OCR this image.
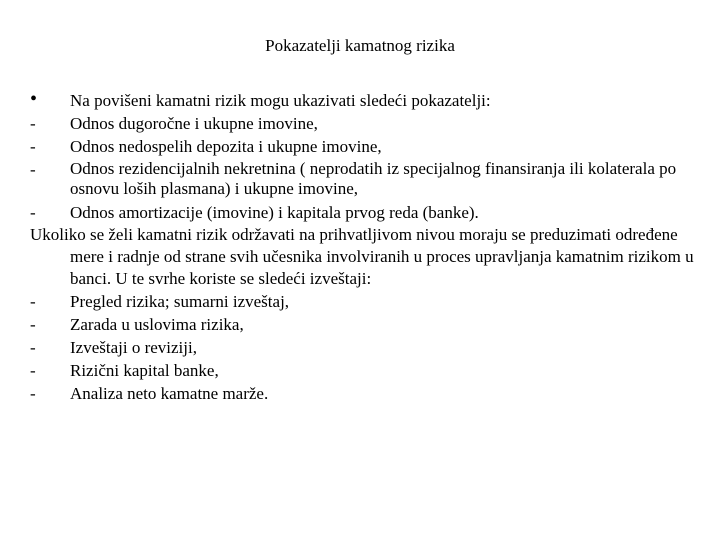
Pokazatelji kamatnog rizika
•	Na povišeni kamatni rizik mogu ukazivati sledeći pokazatelji:
-	Odnos dugoročne i ukupne imovine,
-	Odnos nedospelih depozita i ukupne imovine,
-	Odnos rezidencijalnih nekretnina ( neprodatih iz specijalnog finansiranja ili kolaterala po osnovu loših plasmana) i ukupne imovine,
-	Odnos amortizacije (imovine) i kapitala prvog reda (banke).
Ukoliko se želi kamatni rizik održavati na prihvatljivom nivou moraju se preduzimati određene mere i radnje od strane svih učesnika involviranih u proces upravljanja kamatnim rizikom u banci. U te svrhe koriste se sledeći izveštaji:
-	Pregled rizika; sumarni izveštaj,
-	Zarada u uslovima rizika,
-	Izveštaji o reviziji,
-	Rizični kapital banke,
-	Analiza neto kamatne marže.
